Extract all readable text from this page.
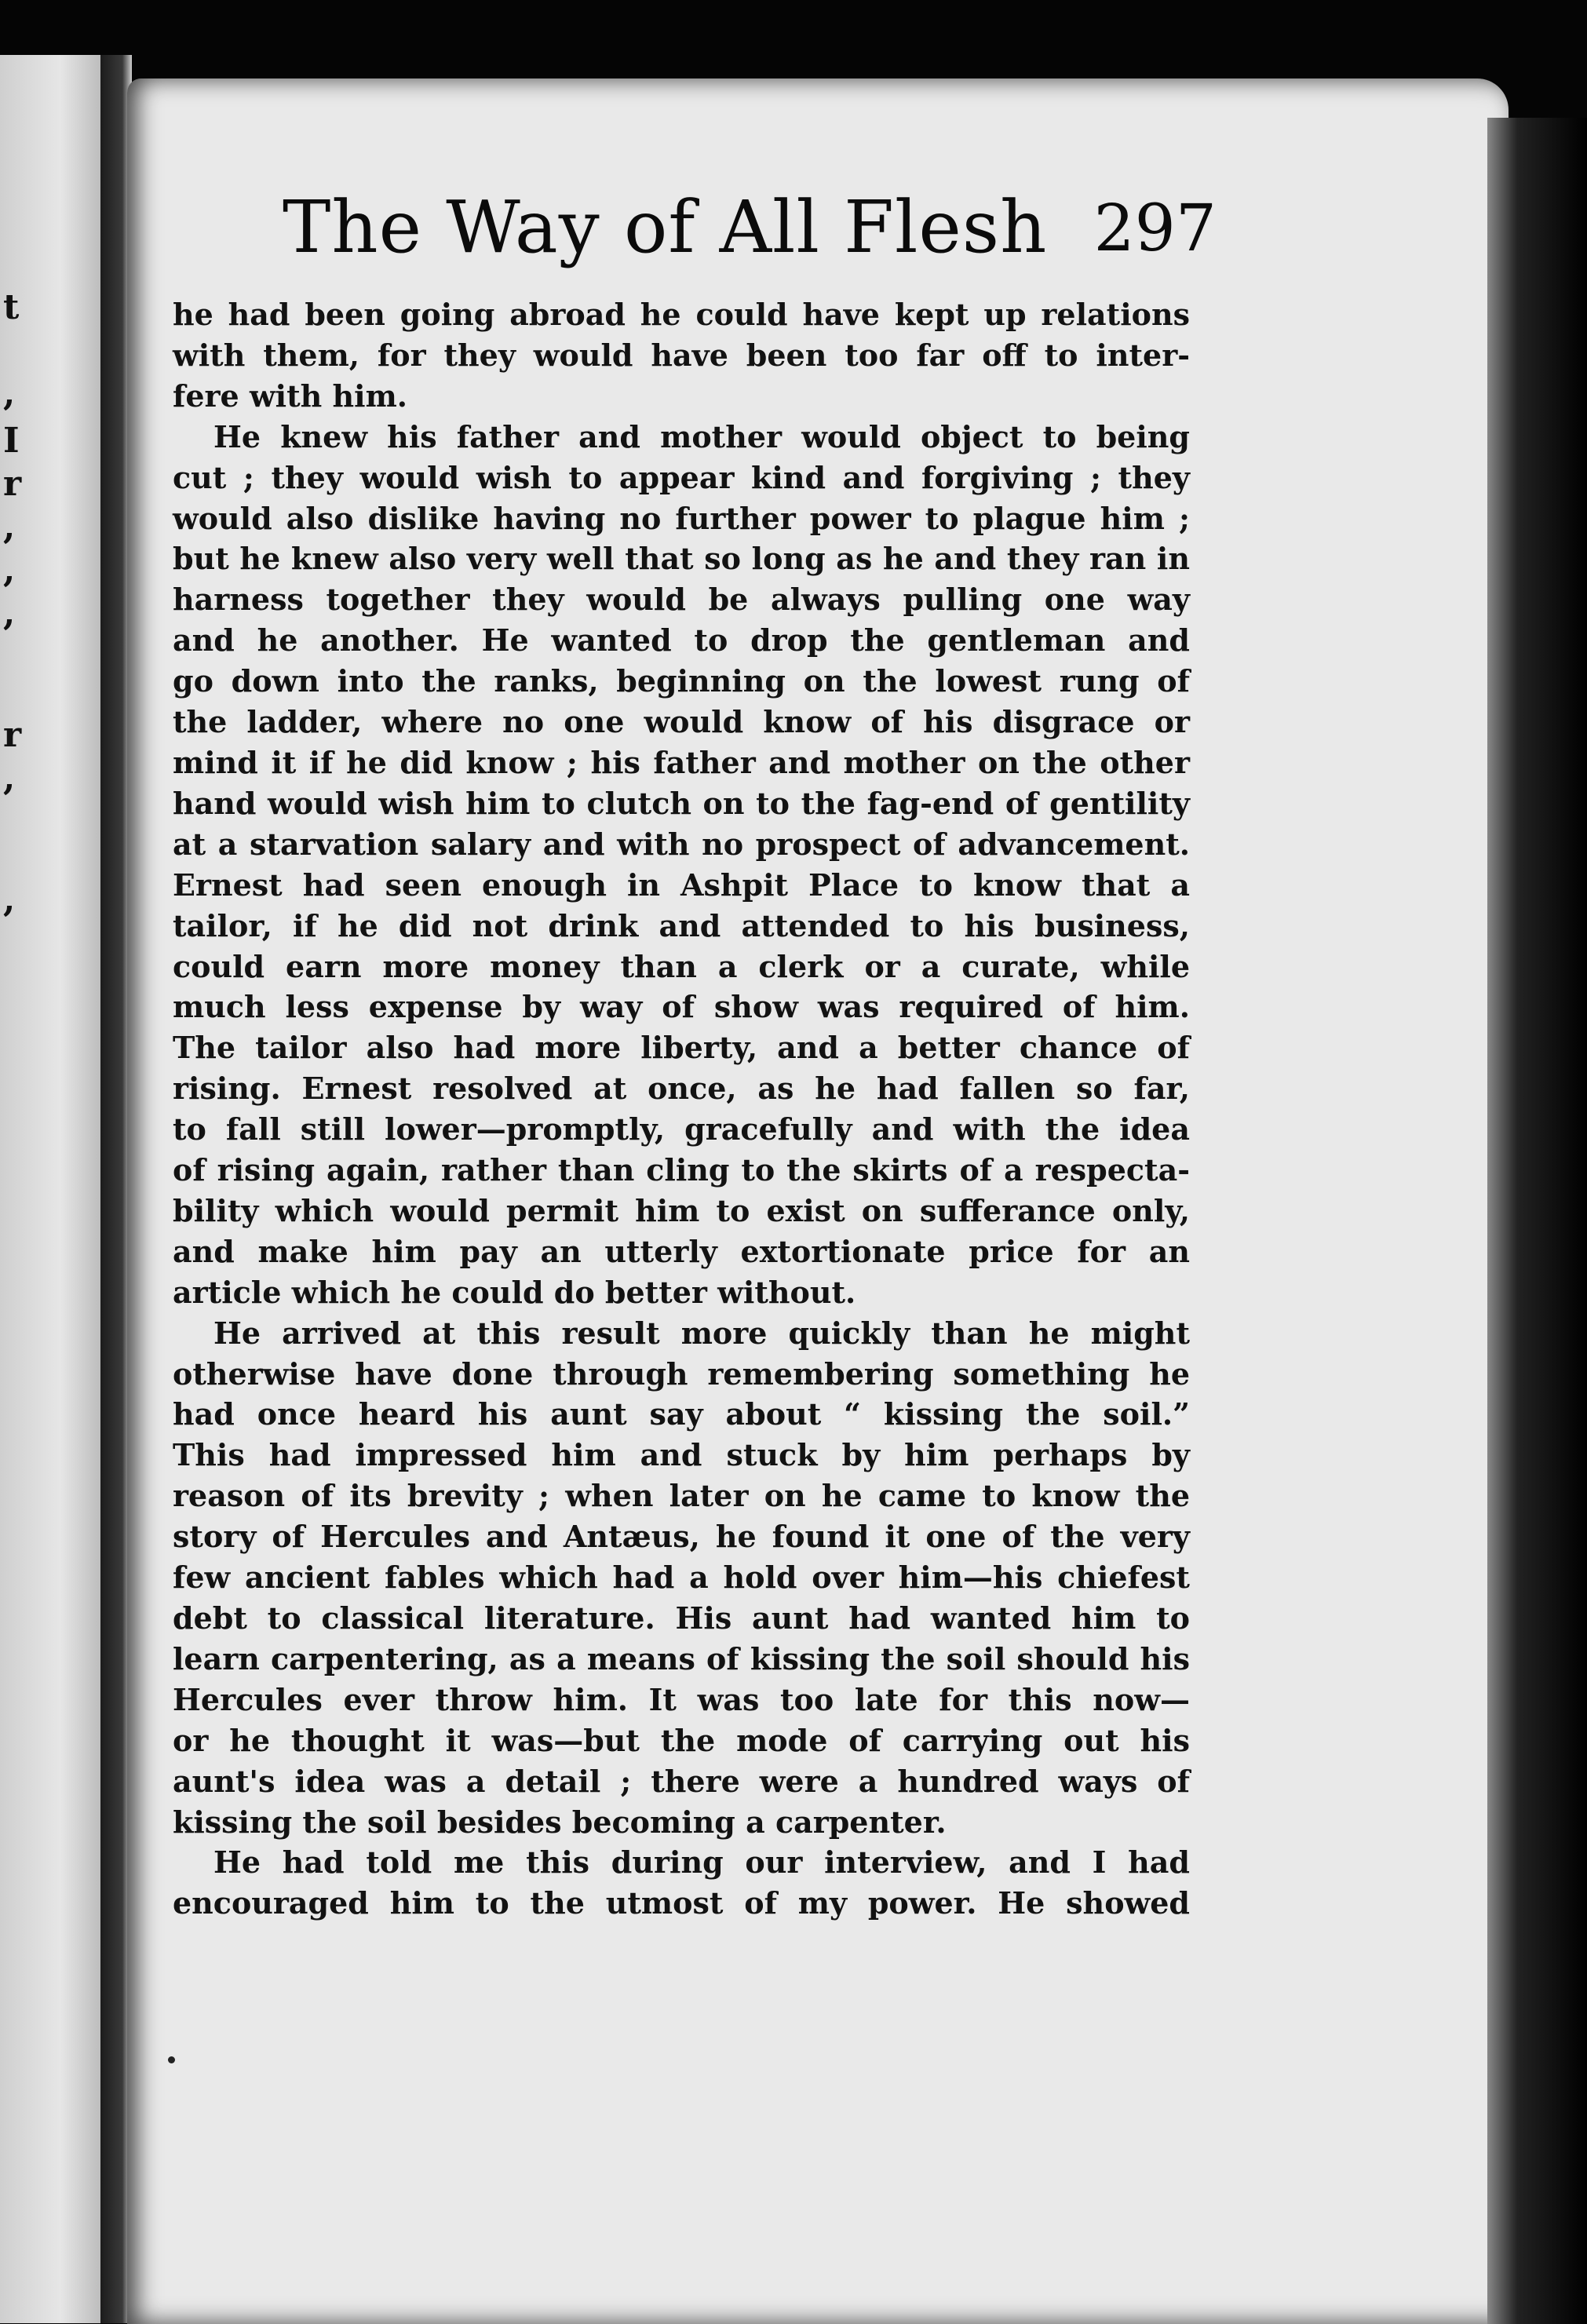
t
,
I
r
,
,
,
r
,
,
The Way of All Flesh 297
he had been going abroad he could have kept up relations
with them, for they would have been too far off to inter-
fere with him.
He knew his father and mother would object to being
cut ; they would wish to appear kind and forgiving ; they
would also dislike having no further power to plague him ;
but he knew also very well that so long as he and they ran in
harness together they would be always pulling one way
and he another. He wanted to drop the gentleman and
go down into the ranks, beginning on the lowest rung of
the ladder, where no one would know of his disgrace or
mind it if he did know ; his father and mother on the other
hand would wish him to clutch on to the fag-end of gentility
at a starvation salary and with no prospect of advancement.
Ernest had seen enough in Ashpit Place to know that a
tailor, if he did not drink and attended to his business,
could earn more money than a clerk or a curate, while
much less expense by way of show was required of him.
The tailor also had more liberty, and a better chance of
rising. Ernest resolved at once, as he had fallen so far,
to fall still lower—promptly, gracefully and with the idea
of rising again, rather than cling to the skirts of a respecta-
bility which would permit him to exist on sufferance only,
and make him pay an utterly extortionate price for an
article which he could do better without.
He arrived at this result more quickly than he might
otherwise have done through remembering something he
had once heard his aunt say about “ kissing the soil.”
This had impressed him and stuck by him perhaps by
reason of its brevity ; when later on he came to know the
story of Hercules and Antæus, he found it one of the very
few ancient fables which had a hold over him—his chiefest
debt to classical literature. His aunt had wanted him to
learn carpentering, as a means of kissing the soil should his
Hercules ever throw him. It was too late for this now—
or he thought it was—but the mode of carrying out his
aunt's idea was a detail ; there were a hundred ways of
kissing the soil besides becoming a carpenter.
He had told me this during our interview, and I had
encouraged him to the utmost of my power. He showed
